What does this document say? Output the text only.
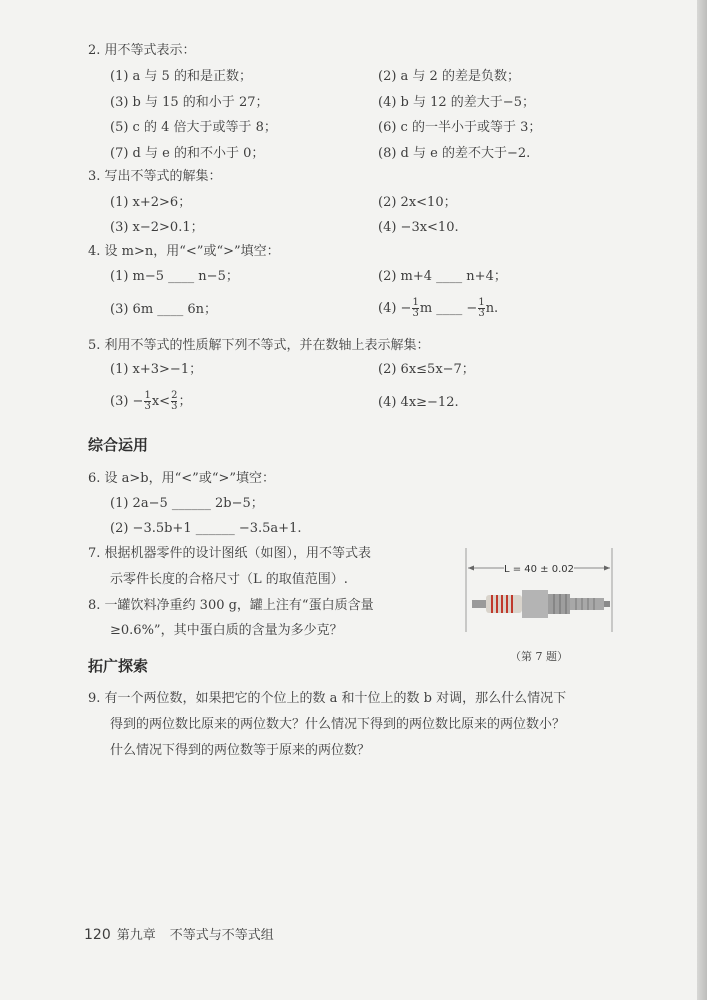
2. 用不等式表示：
(1) a 与 5 的和是正数；	(2) a 与 2 的差是负数；
(3) b 与 15 的和小于 27；	(4) b 与 12 的差大于−5；
(5) c 的 4 倍大于或等于 8；	(6) c 的一半小于或等于 3；
(7) d 与 e 的和不小于 0；	(8) d 与 e 的差不大于−2.
3. 写出不等式的解集：
(1) x+2>6；	(2) 2x<10；
(3) x−2>0.1；	(4) −3x<10.
4. 设 m>n，用“<”或“>”填空：
(1) m−5 ____ n−5；	(2) m+4 ____ n+4；
(3) 6m ____ 6n；	$(4) - \frac{1}{3}$ m ____ − $\frac{1}{3} n$.
5. 利用不等式的性质解下列不等式，并在数轴上表示解集：
(1) x+3>−1；	(2) 6x≤5x−7；
$(3) - \frac{1}{3} x< \frac{2}{3}$ ；	(4) 4x≥−12.
综合运用
6. 设 a>b，用“<”或“>”填空：
(1) 2a−5 ______ 2b−5；
(2) −3.5b+1 ______ −3.5a+1.
7. 根据机器零件的设计图纸（如图），用不等式表
示零件长度的合格尺寸（L 的取值范围）.
8. 一罐饮料净重约 300 g，罐上注有“蛋白质含量
≥0.6%”，其中蛋白质的含量为多少克？
L = 40 ± 0.02
（第 7 题）
拓广探索
9. 有一个两位数，如果把它的个位上的数 a 和十位上的数 b 对调，那么什么情况下
得到的两位数比原来的两位数大？什么情况下得到的两位数比原来的两位数小？
什么情况下得到的两位数等于原来的两位数？
120 第九章 不等式与不等式组
